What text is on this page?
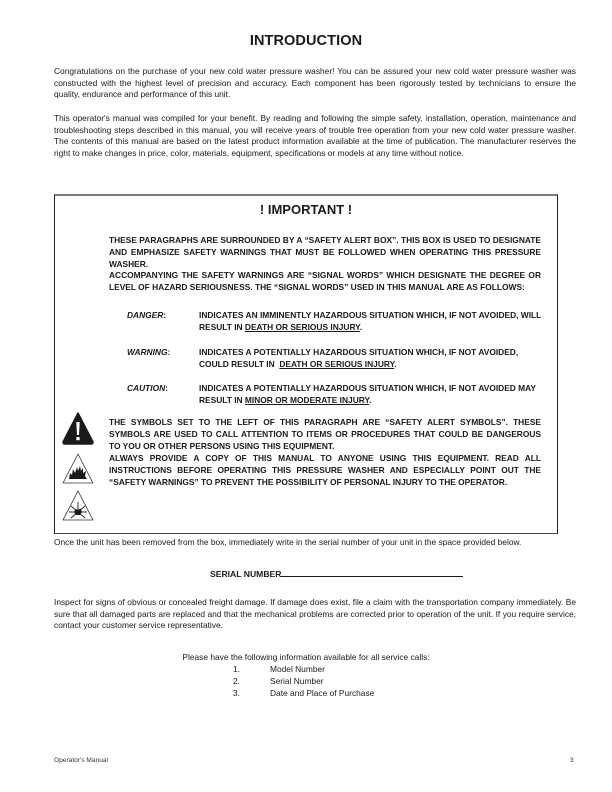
INTRODUCTION

Congratulations on the purchase of your new cold water pressure washer! You can be assured your new cold water pressure washer was constructed with the highest level of precision and accuracy. Each component has been rigorously tested by technicians to ensure the quality, endurance and performance of this unit.

This operator's manual was compiled for your benefit. By reading and following the simple safety, installation, operation, maintenance and troubleshooting steps described in this manual, you will receive years of trouble free operation from your new cold water pressure washer. The contents of this manual are based on the latest product information available at the time of publication. The manufacturer reserves the right to make changes in price, color, materials, equipment, specifications or models at any time without notice.

! IMPORTANT !
THESE PARAGRAPHS ARE SURROUNDED BY A “SAFETY ALERT BOX”. THIS BOX IS USED TO DESIGNATE AND EMPHASIZE SAFETY WARNINGS THAT MUST BE FOLLOWED WHEN OPERATING THIS PRESSURE WASHER.
ACCOMPANYING THE SAFETY WARNINGS ARE “SIGNAL WORDS” WHICH DESIGNATE THE DEGREE OR LEVEL OF HAZARD SERIOUSNESS. THE “SIGNAL WORDS” USED IN THIS MANUAL ARE AS FOLLOWS:
DANGER:	INDICATES AN IMMINENTLY HAZARDOUS SITUATION WHICH, IF NOT AVOIDED, WILL RESULT IN DEATH OR SERIOUS INJURY.
WARNING:	INDICATES A POTENTIALLY HAZARDOUS SITUATION WHICH, IF NOT AVOIDED, COULD RESULT IN  DEATH OR SERIOUS INJURY.
CAUTION:	INDICATES A POTENTIALLY HAZARDOUS SITUATION WHICH, IF NOT AVOIDED MAY RESULT IN MINOR OR MODERATE INJURY.

THE SYMBOLS SET TO THE LEFT OF THIS PARAGRAPH ARE “SAFETY ALERT SYMBOLS”. THESE SYMBOLS ARE USED TO CALL ATTENTION TO ITEMS OR PROCEDURES THAT COULD BE DANGEROUS TO YOU OR OTHER PERSONS USING THIS EQUIPMENT.

ALWAYS PROVIDE A COPY OF THIS MANUAL TO ANYONE USING THIS EQUIPMENT. READ ALL INSTRUCTIONS BEFORE OPERATING THIS PRESSURE WASHER AND ESPECIALLY POINT OUT THE “SAFETY WARNINGS” TO PREVENT THE POSSIBILITY OF PERSONAL INJURY TO THE OPERATOR.

Once the unit has been removed from the box, immediately write in the serial number of your unit in the space provided below.

SERIAL NUMBER

Inspect for signs of obvious or concealed freight damage. If damage does exist, file a claim with the transportation company immediately. Be sure that all damaged parts are replaced and that the mechanical problems are corrected prior to operation of the unit. If you require service, contact your customer service representative.

Please have the following information available for all service calls:
1.	Model Number
2.	Serial Number
3.	Date and Place of Purchase
Operator's Manual	3
